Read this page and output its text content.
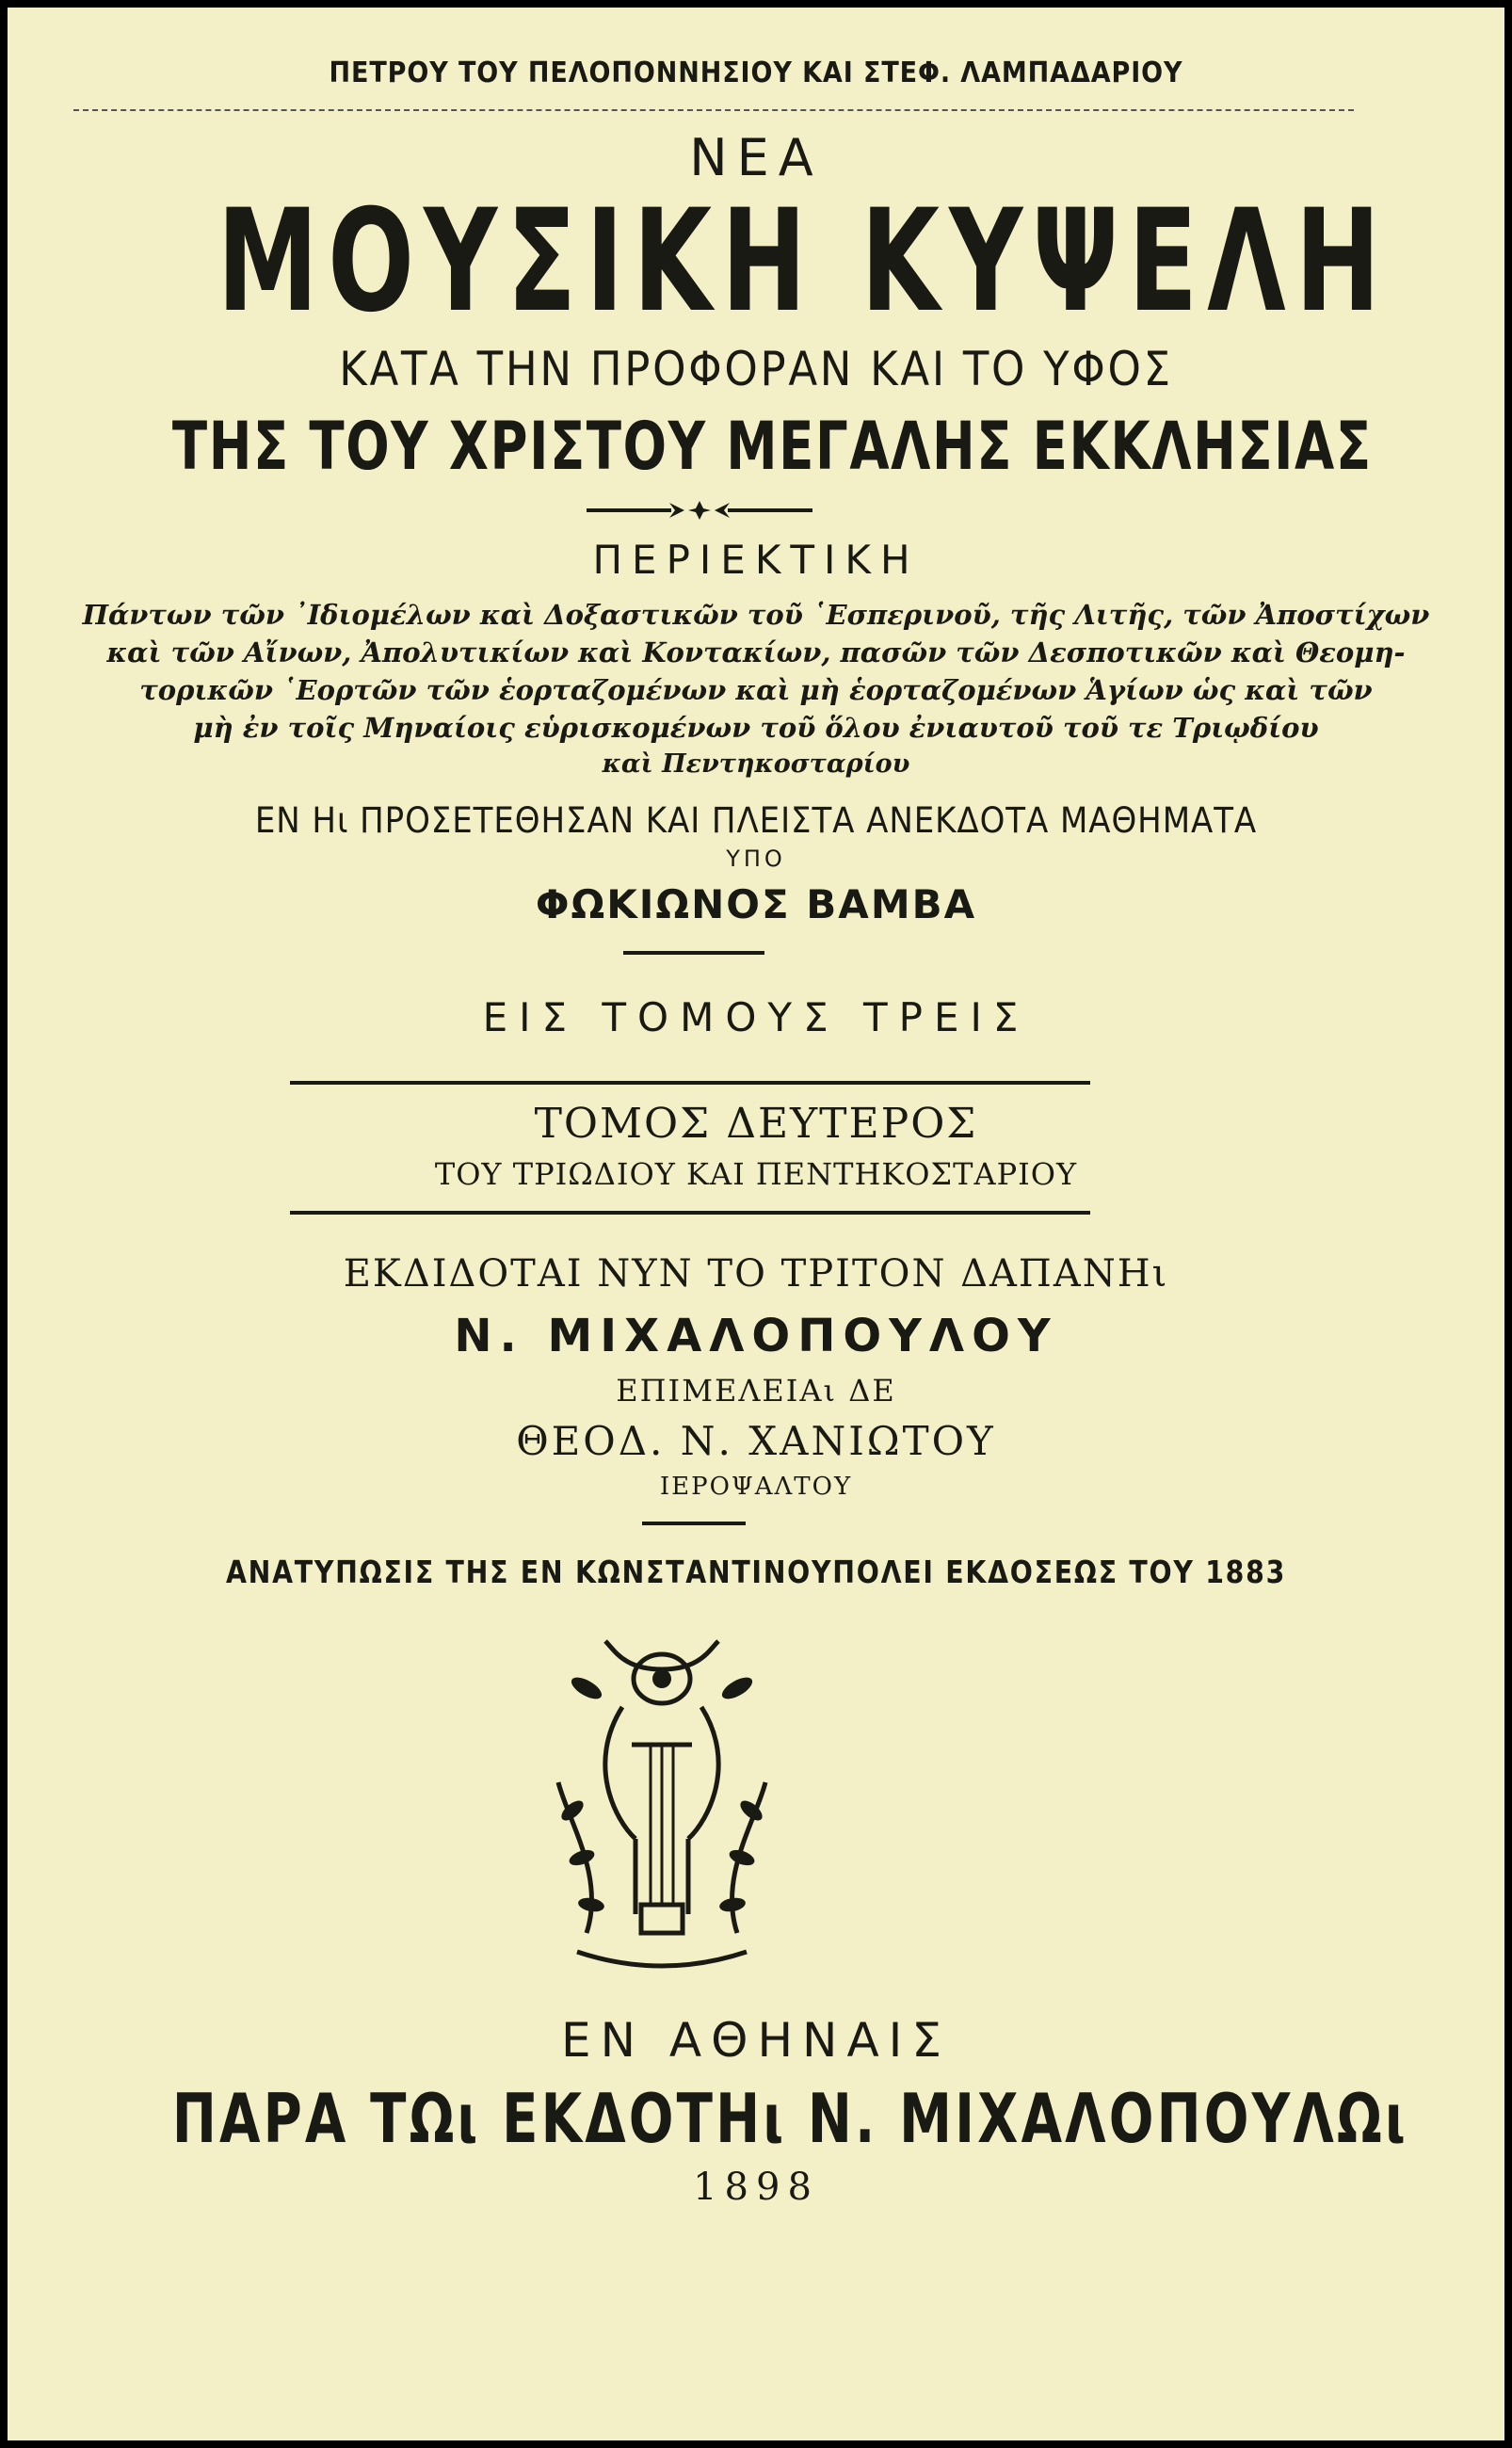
ΠΕΤΡΟΥ ΤΟΥ ΠΕΛΟΠΟΝΝΗΣΙΟΥ ΚΑΙ ΣΤΕΦ. ΛΑΜΠΑΔΑΡΙΟΥ
ΝΕΑ
ΜΟΥΣΙΚΗ ΚΥΨΕΛΗ
ΚΑΤΑ ΤΗΝ ΠΡΟΦΟΡΑΝ ΚΑΙ ΤΟ ΥΦΟΣ
ΤΗΣ ΤΟΥ ΧΡΙΣΤΟΥ ΜΕΓΑΛΗΣ ΕΚΚΛΗΣΙΑΣ
ΠΕΡΙΕΚΤΙΚΗ
Πάντων τῶν ᾿Ιδιομέλων καὶ Δοξαστικῶν τοῦ ῾Εσπερινοῦ, τῆς Λιτῆς, τῶν Ἀποστίχων
καὶ τῶν Αἴνων, Ἀπολυτικίων καὶ Κοντακίων, πασῶν τῶν Δεσποτικῶν καὶ Θεομη-
τορικῶν ῾Εορτῶν τῶν ἑορταζομένων καὶ μὴ ἑορταζομένων Ἁγίων ὡς καὶ τῶν
μὴ ἐν τοῖς Μηναίοις εὑρισκομένων τοῦ ὅλου ἐνιαυτοῦ τοῦ τε Τριῳδίου
καὶ Πεντηκοσταρίου
ΕΝ Ηι ΠΡΟΣΕΤΕΘΗΣΑΝ ΚΑΙ ΠΛΕΙΣΤΑ ΑΝΕΚΔΟΤΑ ΜΑΘΗΜΑΤΑ
ΥΠΟ
ΦΩΚΙΩΝΟΣ ΒΑΜΒΑ
ΕΙΣ ΤΟΜΟΥΣ ΤΡΕΙΣ
ΤΟΜΟΣ ΔΕΥΤΕΡΟΣ
ΤΟΥ ΤΡΙΩΔΙΟΥ ΚΑΙ ΠΕΝΤΗΚΟΣΤΑΡΙΟΥ
ΕΚΔΙΔΟΤΑΙ ΝΥΝ ΤΟ ΤΡΙΤΟΝ ΔΑΠΑΝΗι
Ν. ΜΙΧΑΛΟΠΟΥΛΟΥ
ΕΠΙΜΕΛΕΙΑι ΔΕ
ΘΕΟΔ. Ν. ΧΑΝΙΩΤΟΥ
ΙΕΡΟΨΑΛΤΟΥ
ΑΝΑΤΥΠΩΣΙΣ ΤΗΣ ΕΝ ΚΩΝΣΤΑΝΤΙΝΟΥΠΟΛΕΙ ΕΚΔΟΣΕΩΣ ΤΟΥ 1883
ΕΝ ΑΘΗΝΑΙΣ
ΠΑΡΑ ΤΩι ΕΚΔΟΤΗι Ν. ΜΙΧΑΛΟΠΟΥΛΩι
1898
